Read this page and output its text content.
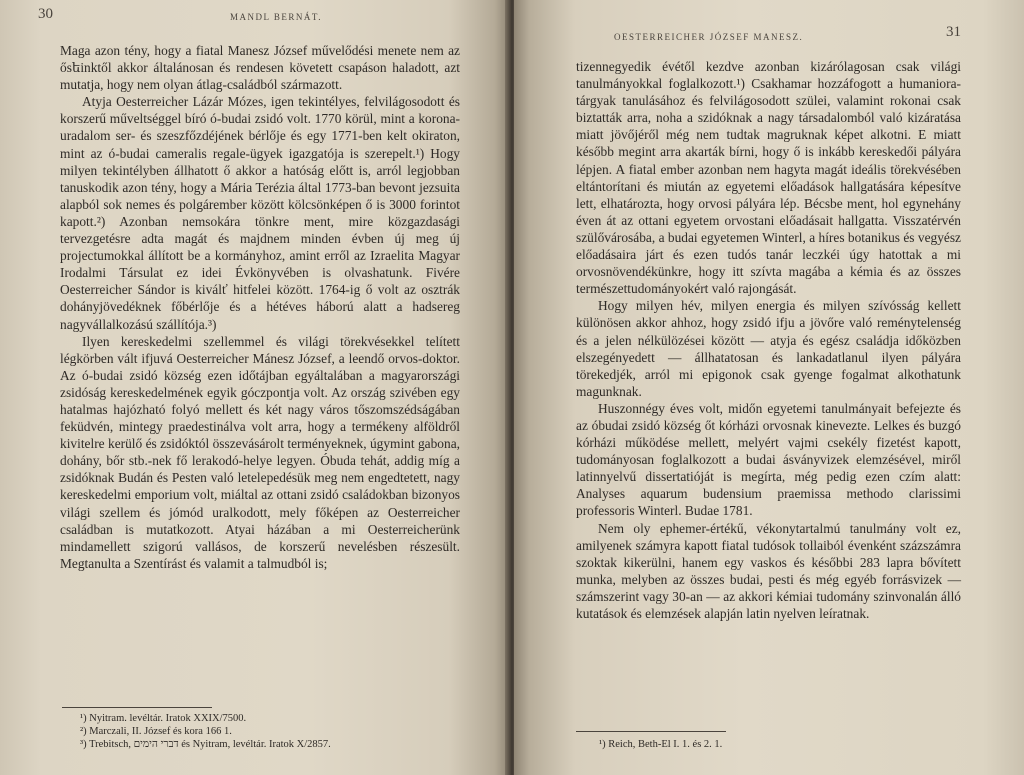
30	MANDL BERNÁT.

Maga azon tény, hogy a fiatal Manesz József művelődési menete nem az ősեinktől akkor általánosan és rendesen követett csapáson haladott, azt mutatja, hogy nem olyan átlag-családból származott.

Atyja Oesterreicher Lázár Mózes, igen tekintélyes, felvilágosodott és korszerű műveltséggel bíró ó-budai zsidó volt. 1770 körül, mint a korona-uradalom ser- és szeszfőzdéjének bérlője és egy 1771-ben kelt okiraton, mint az ó-budai cameralis regale-ügyek igazgatója is szerepelt.¹) Hogy milyen tekintélyben állhatott ő akkor a hatóság előtt is, arról legjobban tanuskodik azon tény, hogy a Mária Terézia által 1773-ban bevont jezsuita alapból sok nemes és polgárember között kölcsönképen ő is 3000 forintot kapott.²) Azonban nemsokára tönkre ment, mire közgazdasági tervezgetésre adta magát és majdnem minden évben új meg új projectumokkal állított be a kormányhoz, amint erről az Izraelita Magyar Irodalmi Társulat ez idei Évkönyvében is olvashatunk. Fivére Oesterreicher Sándor is kiválť hitfelei között. 1764-ig ő volt az osztrák dohányjövedéknek főbérlője és a hétéves háború alatt a hadsereg nagyvállalkozású szállítója.³)

Ilyen kereskedelmi szellemmel és világi törekvésekkel telített légkörben vált ifjuvá Oesterreicher Mánesz József, a leendő orvos-doktor. Az ó-budai zsidó község ezen időtájban egyáltalában a magyarországi zsidóság kereskedelmének egyik góczpontja volt. Az ország szivében egy hatalmas hajózható folyó mellett és két nagy város tőszomszédságában feküdvén, mintegy praedestinálva volt arra, hogy a termékeny alföldről kivitelre kerülő és zsidóktól összevásárolt terményeknek, úgymint gabona, dohány, bőr stb.-nek fő lerakodó-helye legyen. Óbuda tehát, addig míg a zsidóknak Budán és Pesten való letelepedésük meg nem engedtetett, nagy kereskedelmi emporium volt, miáltal az ottani zsidó családokban bizonyos világi szellem és jómód uralkodott, mely főképen az Oesterreicher családban is mutatkozott. Atyai házában a mi Oesterreicherünk mindamellett szigorú vallásos, de korszerű nevelésben részesült. Megtanulta a Szentírást és valamit a talmudból is;

¹) Nyitram. levéltár. Iratok XXIX/7500.
²) Marczali, II. József és kora 166 1.
³) Trebitsch, דברי הימים és Nyitram, levéltár. Iratok X/2857.
OESTERREICHER JÓZSEF MANESZ.	31

tizennegyedik évétől kezdve azonban kizárólagosan csak világi tanulmányokkal foglalkozott.¹) Csakhamar hozzáfogott a humaniora-tárgyak tanulásához és felvilágosodott szülei, valamint rokonai csak biztatták arra, noha a szidóknak a nagy társadalomból való kizáratása miatt jövőjéről még nem tudtak magruknak képet alkotni. E miatt később megint arra akarták bírni, hogy ő is inkább kereskedői pályára lépjen. A fiatal ember azonban nem hagyta magát ideális törekvésében eltántorítani és miután az egyetemi előadások hallgatására képesítve lett, elhatározta, hogy orvosi pályára lép. Bécsbe ment, hol egynehány éven át az ottani egyetem orvostani előadásait hallgatta. Visszatérvén szülővárosába, a budai egyetemen Winterl, a híres botanikus és vegyész előadásaira járt és ezen tudós tanár leczkéi úgy hatottak a mi orvosnövendékünkre, hogy itt szívta magába a kémia és az összes természettudományokért való rajongását.

Hogy milyen hév, milyen energia és milyen szívósság kellett különösen akkor ahhoz, hogy zsidó ifju a jövőre való reménytelenség és a jelen nélkülözései között — atyja és egész családja időközben elszegényedett — állhatatosan és lankadatlanul ilyen pályára törekedjék, arról mi epigonok csak gyenge fogalmat alkothatunk magunknak.

Huszonnégy éves volt, midőn egyetemi tanulmányait befejezte és az óbudai zsidó község őt kórházi orvosnak kinevezte. Lelkes és buzgó kórházi működése mellett, melyért vajmi csekély fizetést kapott, tudományosan foglalkozott a budai ásványvizek elemzésével, miről latinnyelvű dissertatióját is megírta, még pedig ezen czím alatt: Analyses aquarum budensium praemissa methodo clarissimi professoris Winterl. Budae 1781.

Nem oly ephemer-értékű, vékonytartalmú tanulmány volt ez, amilyenek számyra kapott fiatal tudósok tollaiból évenként százszámra szoktak kikerülni, hanem egy vaskos és későbbi 283 lapra bővített munka, melyben az összes budai, pesti és még egyéb forrásvizek — számszerint vagy 30-an — az akkori kémiai tudomány szinvonalán álló kutatások és elemzések alapján latin nyelven leíratnak.

¹) Reich, Beth-El I. 1. és 2. 1.
